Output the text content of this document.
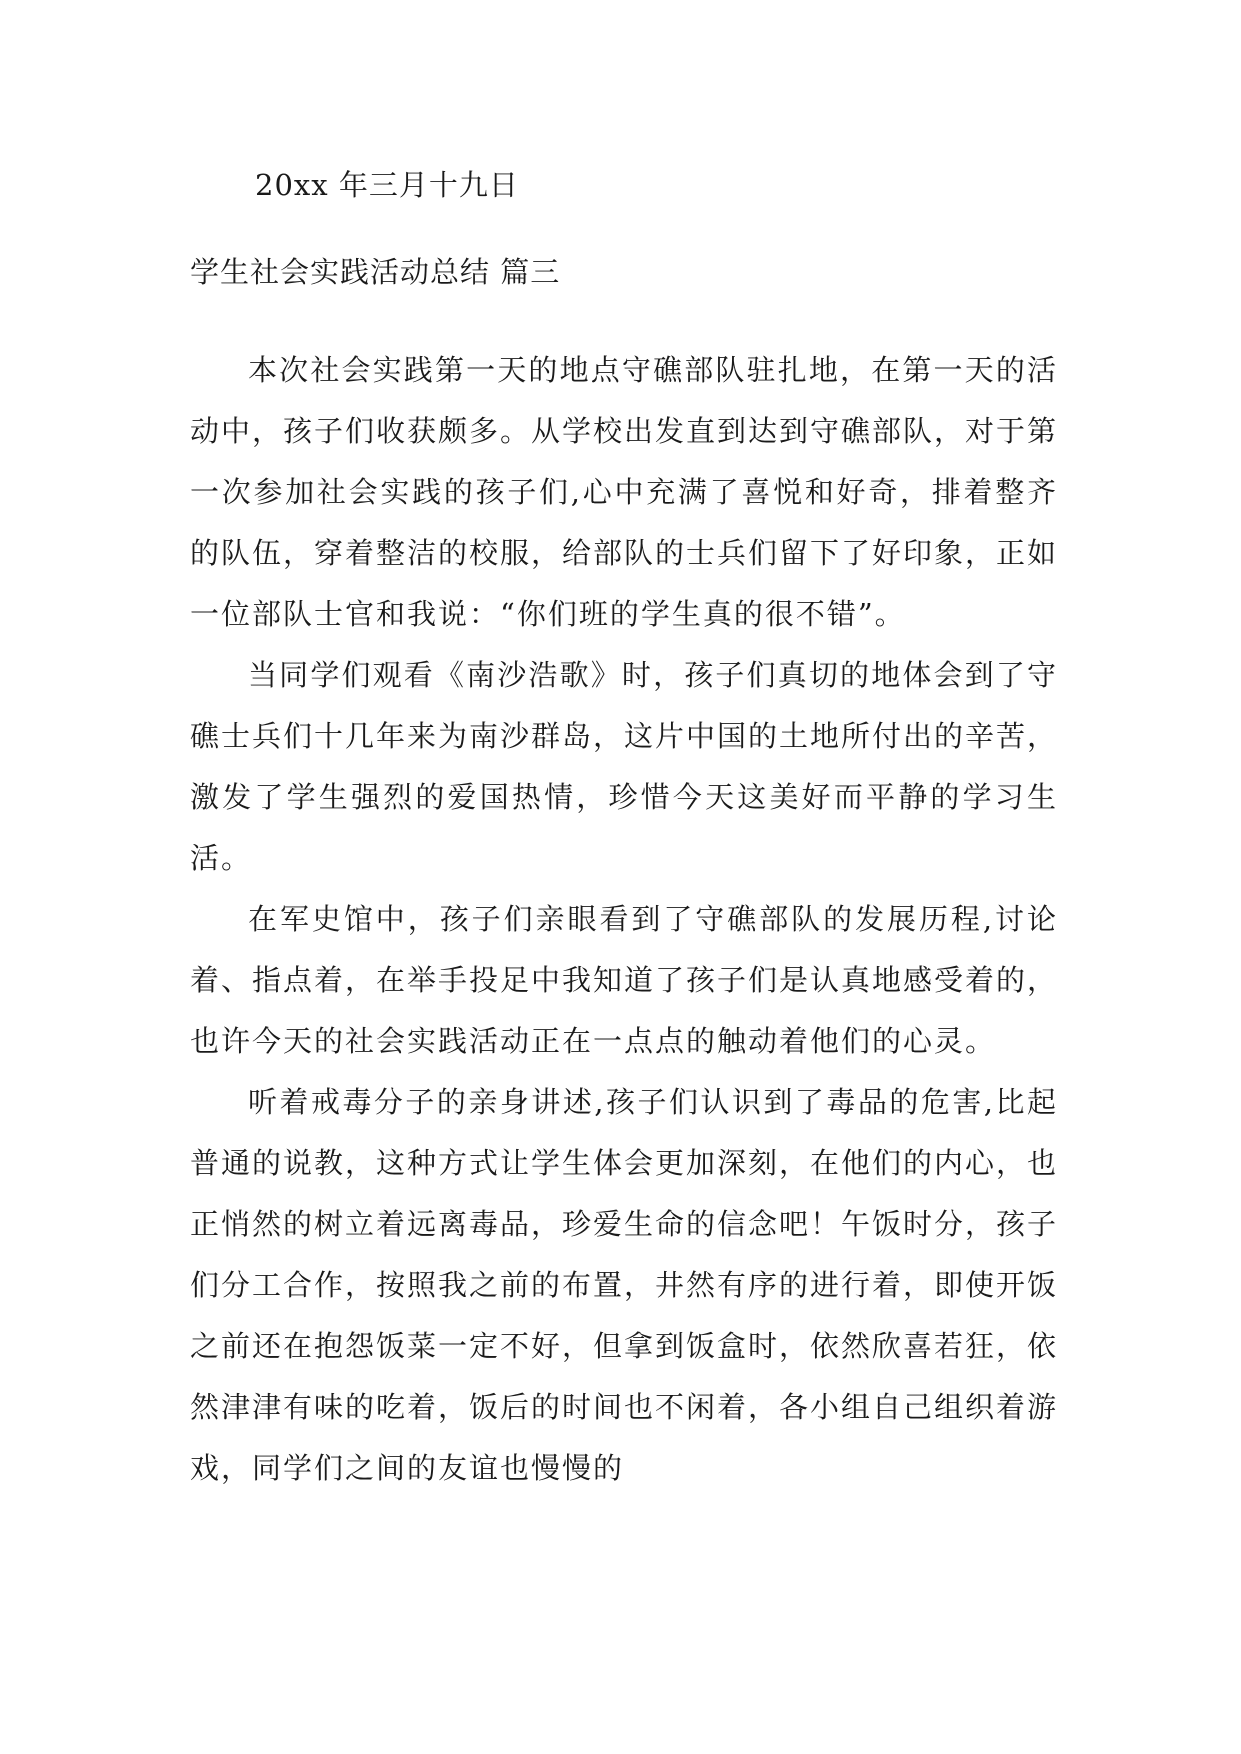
20xx 年三月十九日
学生社会实践活动总结 篇三

本次社会实践第一天的地点守礁部队驻扎地，在第一天的活动中，孩子们收获颇多。从学校出发直到达到守礁部队，对于第一次参加社会实践的孩子们,心中充满了喜悦和好奇，排着整齐的队伍，穿着整洁的校服，给部队的士兵们留下了好印象，正如一位部队士官和我说：“你们班的学生真的很不错”。

当同学们观看《南沙浩歌》时，孩子们真切的地体会到了守礁士兵们十几年来为南沙群岛，这片中国的土地所付出的辛苦，激发了学生强烈的爱国热情，珍惜今天这美好而平静的学习生活。

在军史馆中，孩子们亲眼看到了守礁部队的发展历程,讨论着、指点着，在举手投足中我知道了孩子们是认真地感受着的，也许今天的社会实践活动正在一点点的触动着他们的心灵。

听着戒毒分子的亲身讲述,孩子们认识到了毒品的危害,比起普通的说教，这种方式让学生体会更加深刻，在他们的内心，也正悄然的树立着远离毒品，珍爱生命的信念吧！午饭时分，孩子们分工合作，按照我之前的布置，井然有序的进行着，即使开饭之前还在抱怨饭菜一定不好，但拿到饭盒时，依然欣喜若狂，依然津津有味的吃着，饭后的时间也不闲着，各小组自己组织着游戏，同学们之间的友谊也慢慢的
